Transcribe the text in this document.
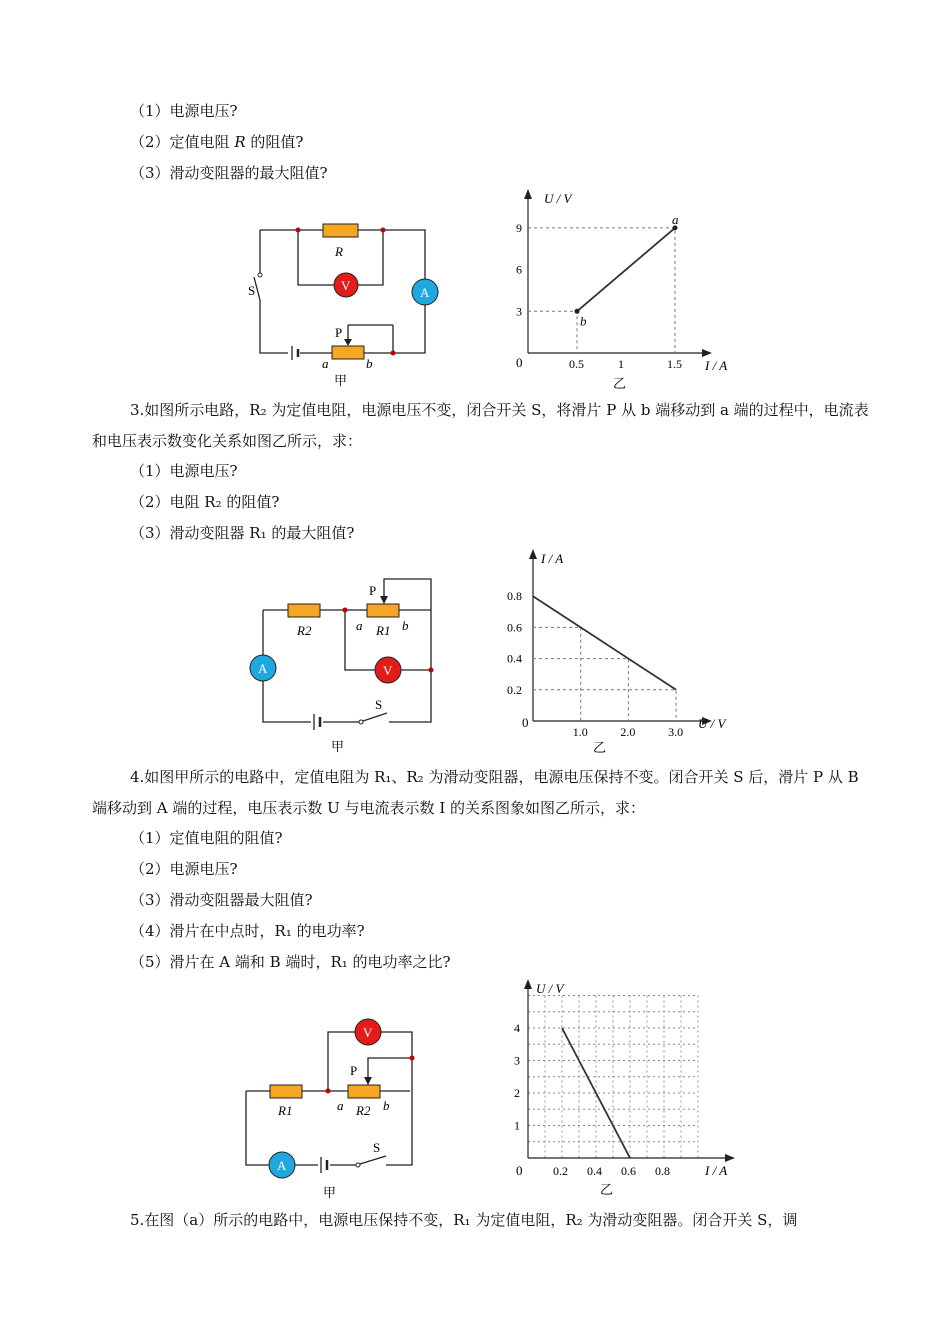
（1）电源电压?
（2）定值电阻 R 的阻值?
（3）滑动变阻器的最大阻值?
R
V	A
S
P
a	b
甲
U / V
I / A
0
3
6
9
0.5	1	1.5
b
a
乙
3.如图所示电路，R₂ 为定值电阻，电源电压不变，闭合开关 S，将滑片 P 从 b 端移动到 a 端的过程中，电流表和电压表示数变化关系如图乙所示，求：
（1）电源电压?
（2）电阻 R₂ 的阻值?
（3）滑动变阻器 R₁ 的最大阻值?
R2
P
R1
a	b
V
A
S
甲
I / A
U / V
0
0.2
0.4
0.6
0.8
1.0	2.0	3.0
乙
4.如图甲所示的电路中，定值电阻为 R₁、R₂ 为滑动变阻器，电源电压保持不变。闭合开关 S 后，滑片 P 从 B 端移动到 A 端的过程，电压表示数 U 与电流表示数 I 的关系图象如图乙所示，求：
（1）定值电阻的阻值?
（2）电源电压?
（3）滑动变阻器最大阻值?
（4）滑片在中点时，R₁ 的电功率?
（5）滑片在 A 端和 B 端时，R₁ 的电功率之比?
R1
P
R2
a	b
V
A
S
甲
U / V
I / A
0
1
2
3
4
0.2 0.4 0.6 0.8
乙
5.在图（a）所示的电路中，电源电压保持不变，R₁ 为定值电阻，R₂ 为滑动变阻器。闭合开关 S，调
